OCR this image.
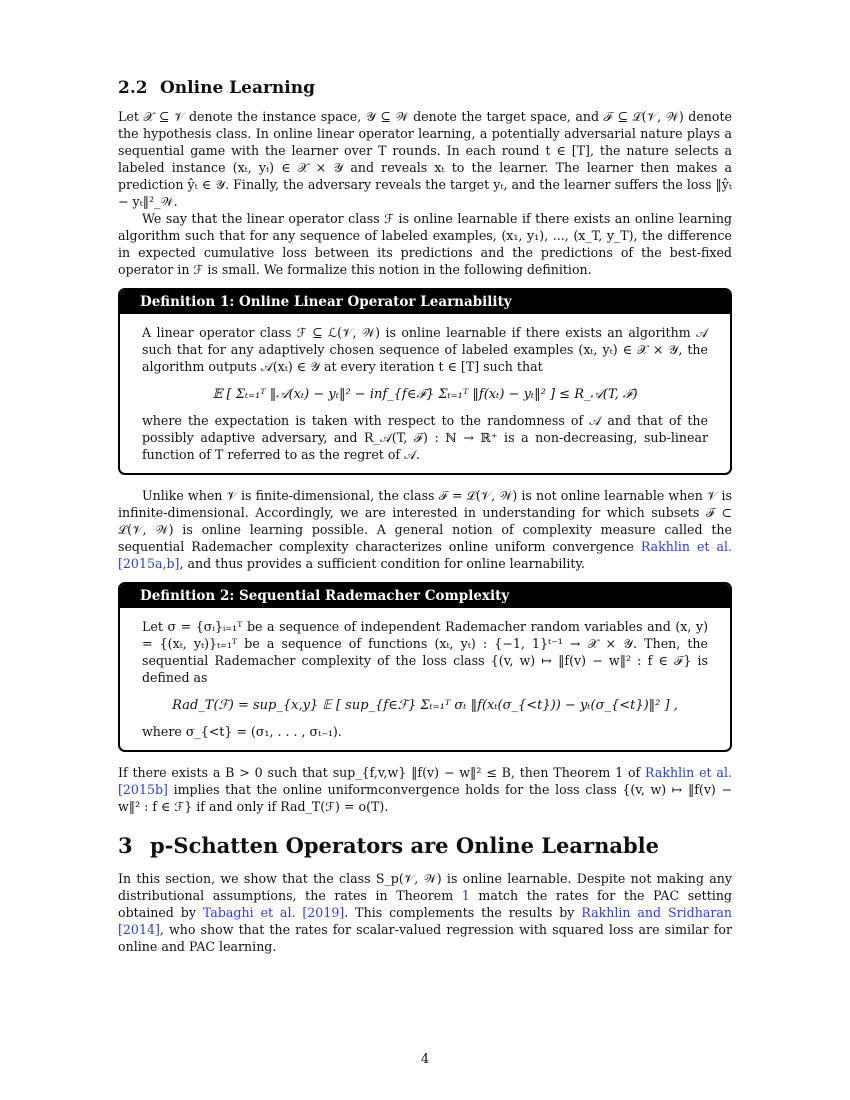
2.2 Online Learning

Let 𝒳 ⊆ 𝒱 denote the instance space, 𝒴 ⊆ 𝒲 denote the target space, and ℱ ⊆ ℒ(𝒱, 𝒲) denote the hypothesis class. In online linear operator learning, a potentially adversarial nature plays a sequential game with the learner over T rounds. In each round t ∈ [T], the nature selects a labeled instance (xₜ, yₜ) ∈ 𝒳 × 𝒴 and reveals xₜ to the learner. The learner then makes a prediction ŷₜ ∈ 𝒴. Finally, the adversary reveals the target yₜ, and the learner suffers the loss ‖ŷₜ − yₜ‖²_𝒲.

We say that the linear operator class ℱ is online learnable if there exists an online learning algorithm such that for any sequence of labeled examples, (x₁, y₁), ..., (x_T, y_T), the difference in expected cumulative loss between its predictions and the predictions of the best-fixed operator in ℱ is small. We formalize this notion in the following definition.

Definition 1: Online Linear Operator Learnability

A linear operator class ℱ ⊆ ℒ(𝒱, 𝒲) is online learnable if there exists an algorithm 𝒜 such that for any adaptively chosen sequence of labeled examples (xₜ, yₜ) ∈ 𝒳 × 𝒴, the algorithm outputs 𝒜(xₜ) ∈ 𝒴 at every iteration t ∈ [T] such that

𝔼 [ Σₜ₌₁ᵀ ‖𝒜(xₜ) − yₜ‖² − inf_{f∈ℱ} Σₜ₌₁ᵀ ‖f(xₜ) − yₜ‖² ] ≤ R_𝒜(T, ℱ)

where the expectation is taken with respect to the randomness of 𝒜 and that of the possibly adaptive adversary, and R_𝒜(T, ℱ) : ℕ → ℝ⁺ is a non-decreasing, sub-linear function of T referred to as the regret of 𝒜.

Unlike when 𝒱 is finite-dimensional, the class ℱ = ℒ(𝒱, 𝒲) is not online learnable when 𝒱 is infinite-dimensional. Accordingly, we are interested in understanding for which subsets ℱ ⊂ ℒ(𝒱, 𝒲) is online learning possible. A general notion of complexity measure called the sequential Rademacher complexity characterizes online uniform convergence Rakhlin et al. [2015a,b], and thus provides a sufficient condition for online learnability.

Definition 2: Sequential Rademacher Complexity

Let σ = {σᵢ}ᵢ₌₁ᵀ be a sequence of independent Rademacher random variables and (x, y) = {(xₜ, yₜ)}ₜ₌₁ᵀ be a sequence of functions (xₜ, yₜ) : {−1, 1}ᵗ⁻¹ → 𝒳 × 𝒴. Then, the sequential Rademacher complexity of the loss class {(v, w) ↦ ‖f(v) − w‖² : f ∈ ℱ} is defined as

Rad_T(ℱ) = sup_{x,y} 𝔼 [ sup_{f∈ℱ} Σₜ₌₁ᵀ σₜ ‖f(xₜ(σ_{<t})) − yₜ(σ_{<t})‖² ] ,

where σ_{<t} = (σ₁, . . . , σₜ₋₁).

If there exists a B > 0 such that sup_{f,v,w} ‖f(v) − w‖² ≤ B, then Theorem 1 of Rakhlin et al. [2015b] implies that the online uniformconvergence holds for the loss class {(v, w) ↦ ‖f(v) − w‖² : f ∈ ℱ} if and only if Rad_T(ℱ) = o(T).

3 p-Schatten Operators are Online Learnable

In this section, we show that the class S_p(𝒱, 𝒲) is online learnable. Despite not making any distributional assumptions, the rates in Theorem 1 match the rates for the PAC setting obtained by Tabaghi et al. [2019]. This complements the results by Rakhlin and Sridharan [2014], who show that the rates for scalar-valued regression with squared loss are similar for online and PAC learning.

4
